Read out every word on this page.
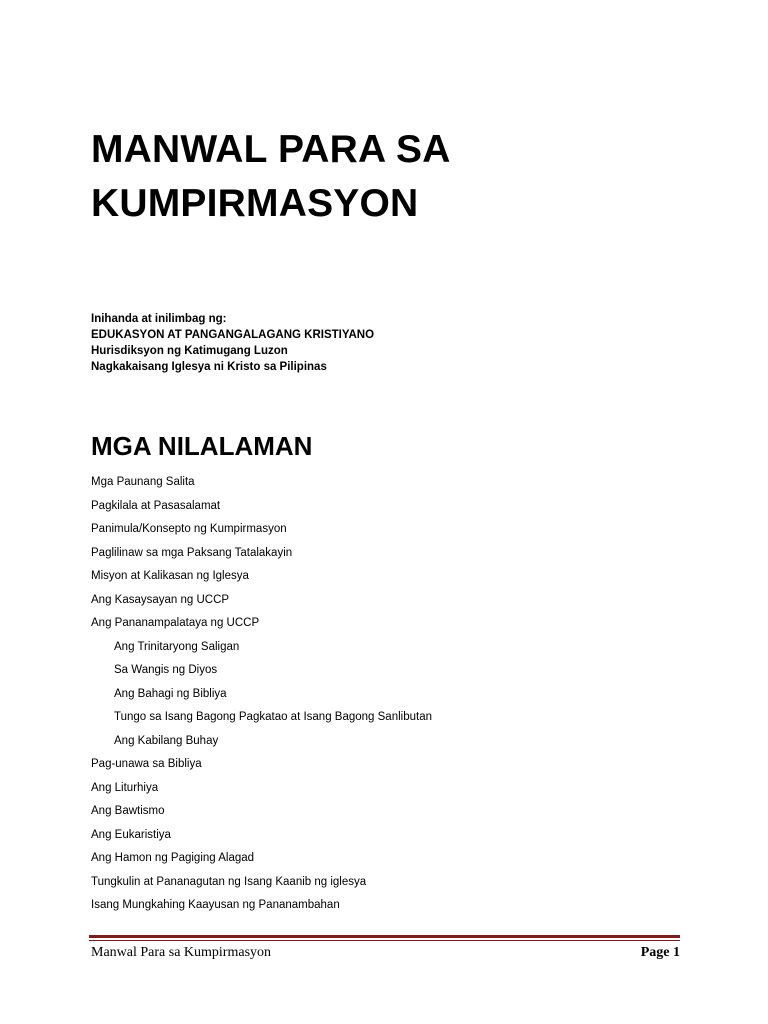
MANWAL PARA SA
KUMPIRMASYON
Inihanda at inilimbag ng:
EDUKASYON AT PANGANGALAGANG KRISTIYANO
Hurisdiksyon ng Katimugang Luzon
Nagkakaisang Iglesya ni Kristo sa Pilipinas
MGA NILALAMAN
Mga Paunang Salita
Pagkilala at Pasasalamat
Panimula/Konsepto ng Kumpirmasyon
Paglilinaw sa mga Paksang Tatalakayin
Misyon at Kalikasan ng Iglesya
Ang Kasaysayan ng UCCP
Ang Pananampalataya ng UCCP
Ang Trinitaryong Saligan
Sa Wangis ng Diyos
Ang Bahagi ng Bibliya
Tungo sa Isang Bagong Pagkatao at Isang Bagong Sanlibutan
Ang Kabilang Buhay
Pag-unawa sa Bibliya
Ang Liturhiya
Ang Bawtismo
Ang Eukaristiya
Ang Hamon ng Pagiging Alagad
Tungkulin at Pananagutan ng Isang Kaanib ng iglesya
Isang Mungkahing Kaayusan ng Pananambahan
Manwal Para sa Kumpirmasyon	Page 1
